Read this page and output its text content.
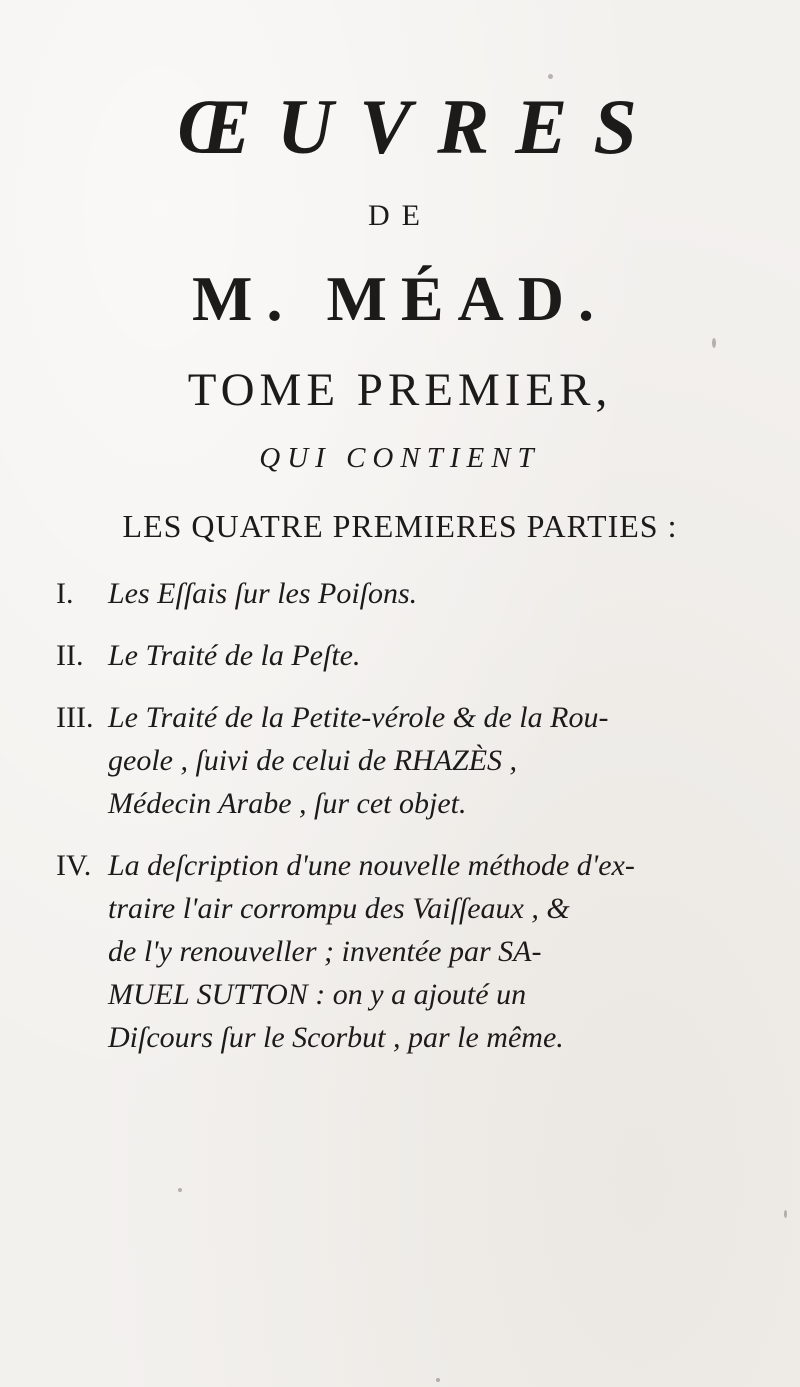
ŒUVRES
DE
M. MÉAD.
TOME PREMIER,
QUI CONTIENT
LES QUATRE PREMIERES PARTIES :
I. Les Eſſais ſur les Poiſons.
II. Le Traité de la Peſte.
III. Le Traité de la Petite-vérole & de la Rou-
geole , ſuivi de celui de RHAZÈS ,
Médecin Arabe , ſur cet objet.
IV. La deſcription d'une nouvelle méthode d'ex-
traire l'air corrompu des Vaiſſeaux , &
de l'y renouveller ; inventée par SA-
MUEL SUTTON : on y a ajouté un
Diſcours ſur le Scorbut , par le même.
